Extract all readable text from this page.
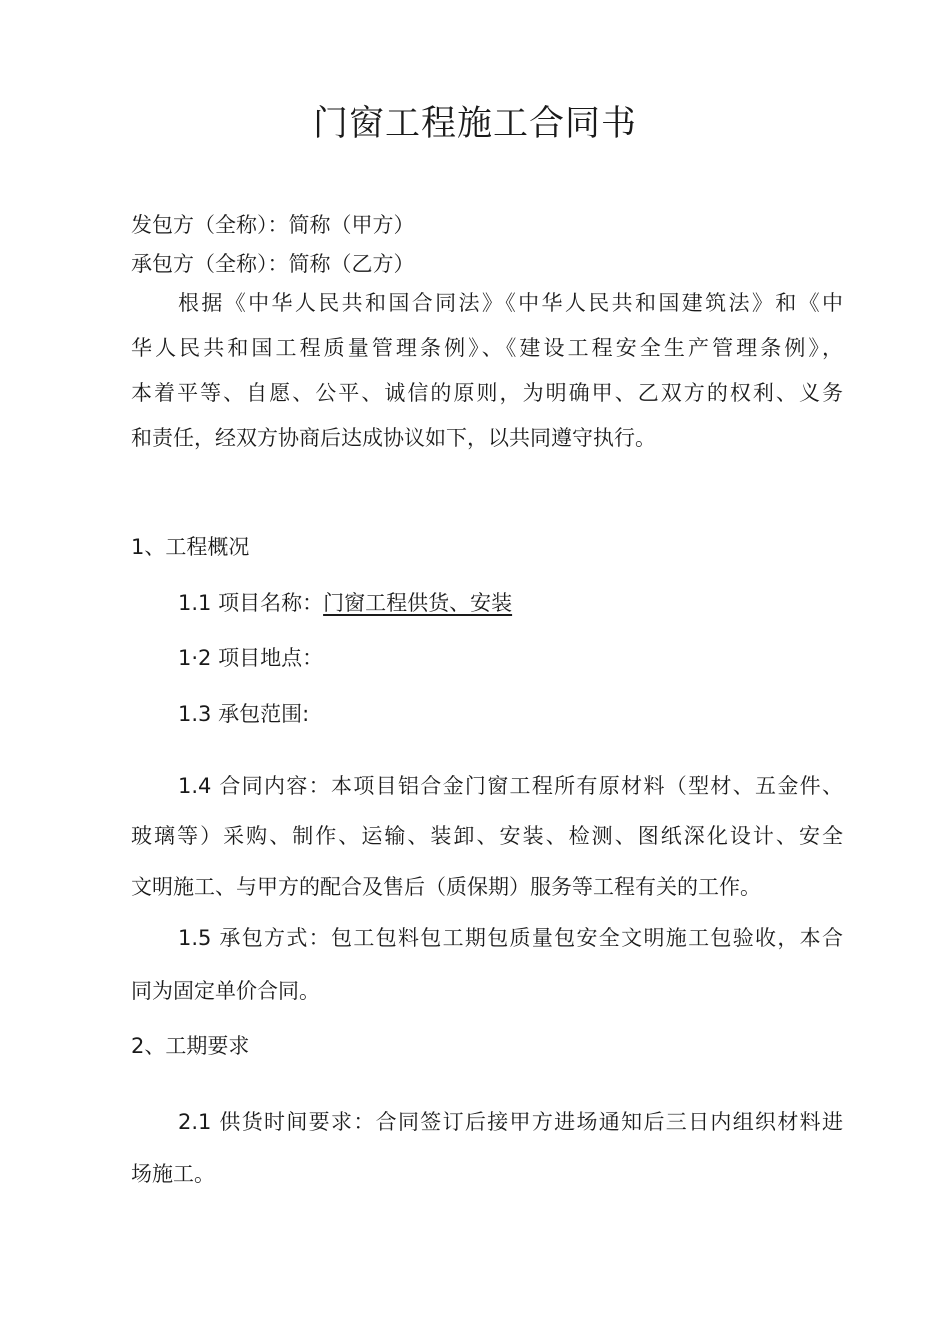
门窗工程施工合同书

发包方（全称）：简称（甲方）

承包方（全称）：简称（乙方）

根据《中华人民共和国合同法》《中华人民共和国建筑法》和《中

华人民共和国工程质量管理条例》、《建设工程安全生产管理条例》，

本着平等、自愿、公平、诚信的原则，为明确甲、乙双方的权利、义务

和责任，经双方协商后达成协议如下，以共同遵守执行。

1、工程概况

1.1 项目名称：门窗工程供货、安装

1·2 项目地点：

1.3 承包范围:

1.4 合同内容：本项目铝合金门窗工程所有原材料（型材、五金件、

玻璃等）采购、制作、运输、装卸、安装、检测、图纸深化设计、安全

文明施工、与甲方的配合及售后（质保期）服务等工程有关的工作。

1.5 承包方式：包工包料包工期包质量包安全文明施工包验收，本合

同为固定单价合同。

2、工期要求

2.1 供货时间要求：合同签订后接甲方进场通知后三日内组织材料进

场施工。
